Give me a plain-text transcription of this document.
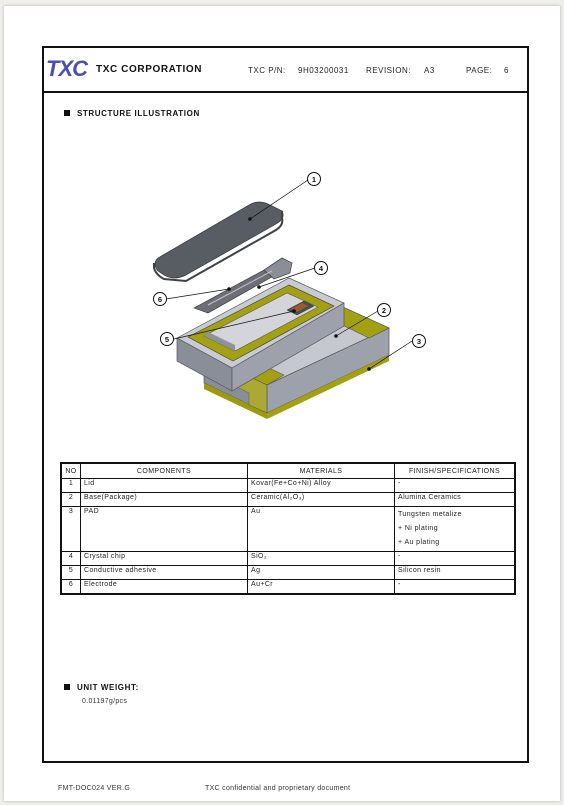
TXC TXC CORPORATION	TXC P/N: 9H03200031 REVISION: A3	PAGE: 6
STRUCTURE ILLUSTRATION
1
2
3
4
5
6
NO	COMPONENTS	MATERIALS	FINISH/SPECIFICATIONS
1	Lid	Kovar(Fe+Co+Ni) Alloy	-
2	Base(Package)	Ceramic(Al₂O₃)	Alumina Ceramics
3	PAD	Au	Tungsten metalize
+ Ni plating
+ Au plating

4	Crystal chip	SiO₂	-
5	Conductive adhesive	Ag	Silicon resin
6	Electrode	Au+Cr	-
UNIT WEIGHT:
0.01197g/pcs
FMT-DOC024 VER.G	TXC confidential and proprietary document
